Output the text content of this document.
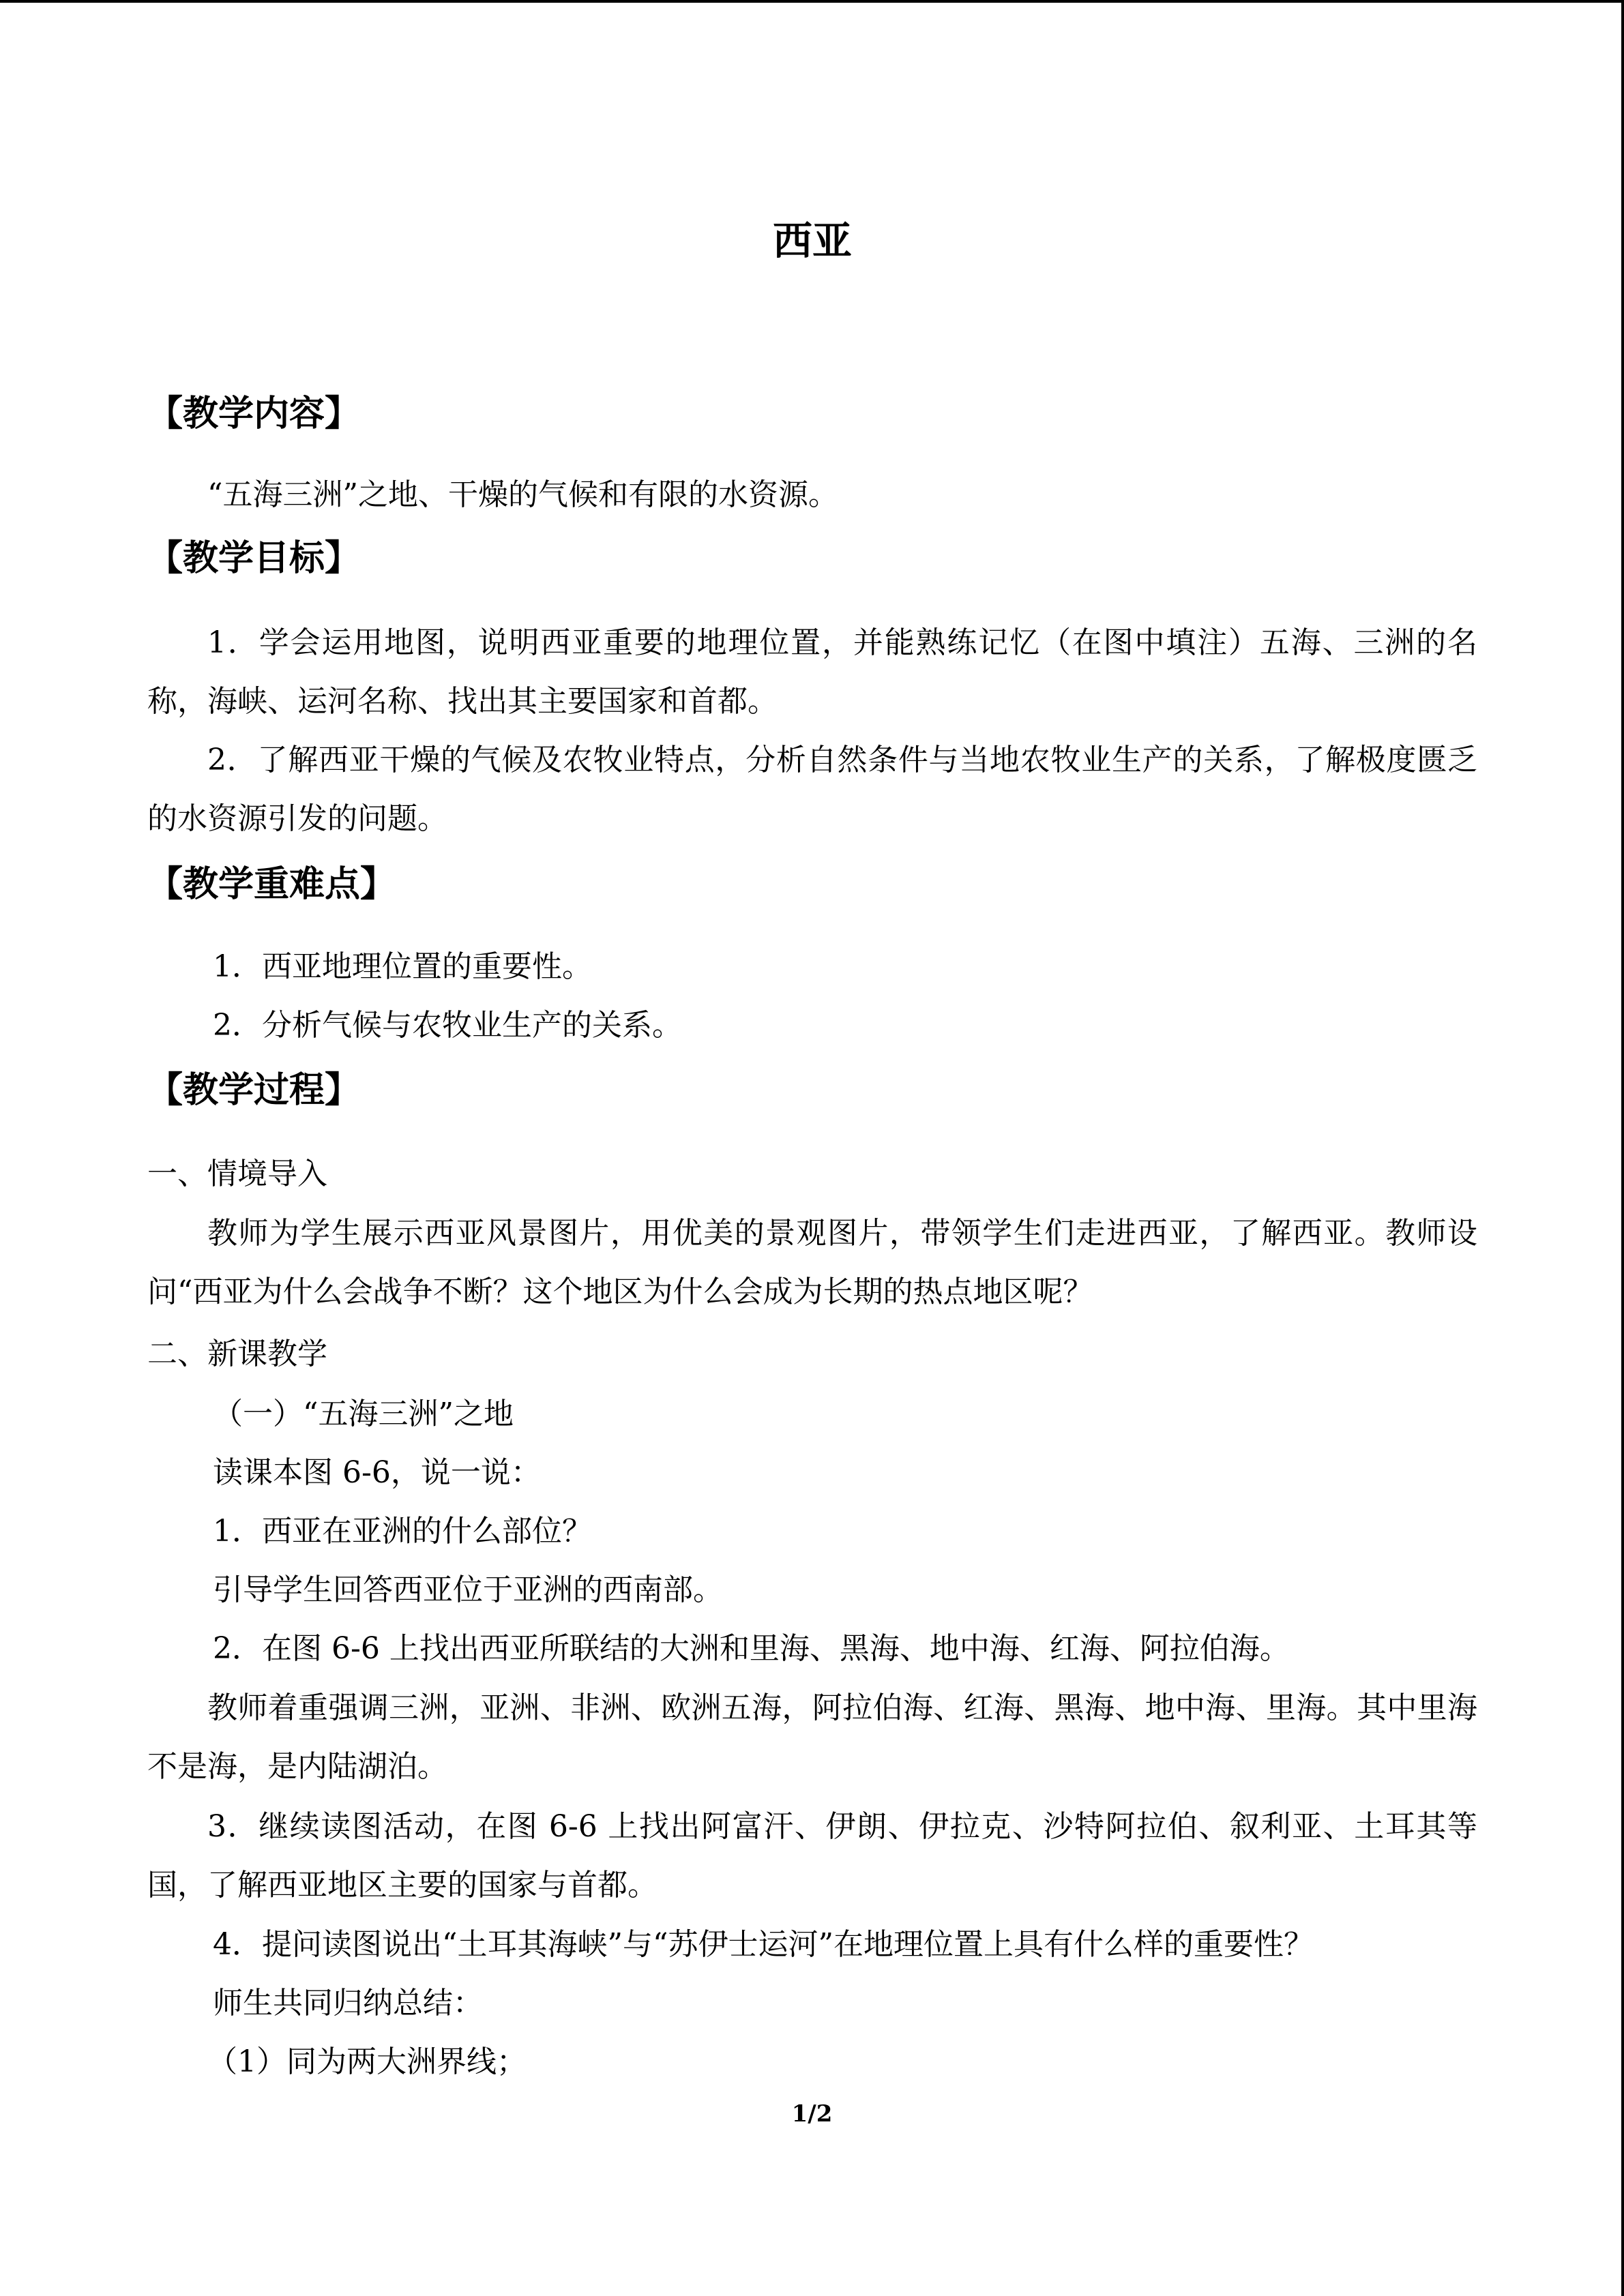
西亚
【教学内容】
“五海三洲”之地、干燥的气候和有限的水资源。
【教学目标】
1．学会运用地图，说明西亚重要的地理位置，并能熟练记忆（在图中填注）五海、三洲的名称，海峡、运河名称、找出其主要国家和首都。
2．了解西亚干燥的气候及农牧业特点，分析自然条件与当地农牧业生产的关系，了解极度匮乏的水资源引发的问题。
【教学重难点】
1．西亚地理位置的重要性。
2．分析气候与农牧业生产的关系。
【教学过程】
一、情境导入
教师为学生展示西亚风景图片，用优美的景观图片，带领学生们走进西亚，了解西亚。教师设问“西亚为什么会战争不断？这个地区为什么会成为长期的热点地区呢？
二、新课教学
（一）“五海三洲”之地
读课本图 6-6，说一说：
1．西亚在亚洲的什么部位？
引导学生回答西亚位于亚洲的西南部。
2．在图 6-6 上找出西亚所联结的大洲和里海、黑海、地中海、红海、阿拉伯海。
教师着重强调三洲，亚洲、非洲、欧洲五海，阿拉伯海、红海、黑海、地中海、里海。其中里海不是海，是内陆湖泊。
3．继续读图活动，在图 6-6 上找出阿富汗、伊朗、伊拉克、沙特阿拉伯、叙利亚、土耳其等国，了解西亚地区主要的国家与首都。
4．提问读图说出“土耳其海峡”与“苏伊士运河”在地理位置上具有什么样的重要性？
师生共同归纳总结：
（1）同为两大洲界线；
1/2
